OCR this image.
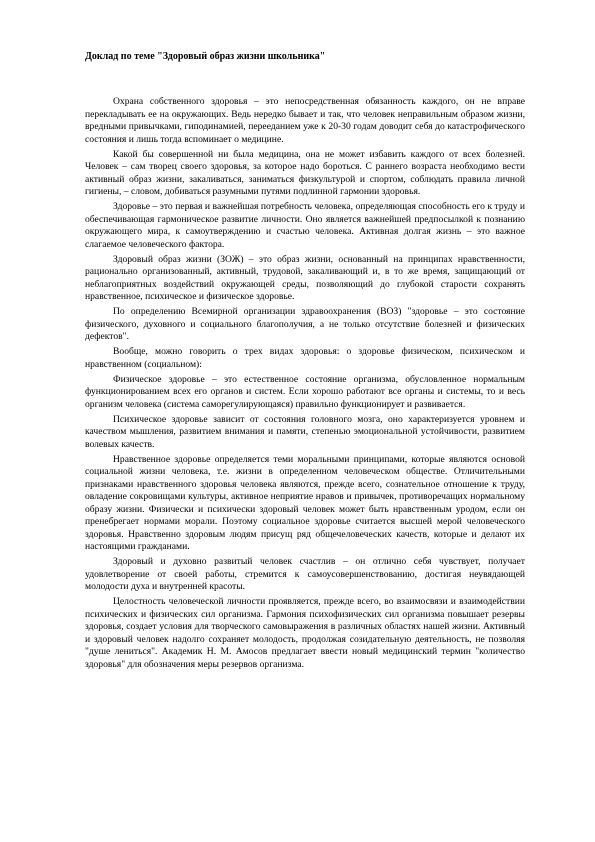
Доклад по теме "Здоровый образ жизни школьника"

Охрана собственного здоровья – это непосредственная обязанность каждого, он не вправе перекладывать ее на окружающих. Ведь нередко бывает и так, что человек неправильным образом жизни, вредными привычками, гиподинамией, перееданием уже к 20-30 годам доводит себя до катастрофического состояния и лишь тогда вспоминает о медицине.

Какой бы совершенной ни была медицина, она не может избавить каждого от всех болезней. Человек – сам творец своего здоровья, за которое надо бороться. С раннего возраста необходимо вести активный образ жизни, закаливаться, заниматься физкультурой и спортом, соблюдать правила личной гигиены, – словом, добиваться разумными путями подлинной гармонии здоровья.

Здоровье – это первая и важнейшая потребность человека, определяющая способность его к труду и обеспечивающая гармоническое развитие личности. Оно является важнейшей предпосылкой к познанию окружающего мира, к самоутверждению и счастью человека. Активная долгая жизнь – это важное слагаемое человеческого фактора.

Здоровый образ жизни (ЗОЖ) – это образ жизни, основанный на принципах нравственности, рационально организованный, активный, трудовой, закаливающий и, в то же время, защищающий от неблагоприятных воздействий окружающей среды, позволяющий до глубокой старости сохранять нравственное, психическое и физическое здоровье.

По определению Всемирной организации здравоохранения (ВОЗ) "здоровье – это состояние физического, духовного и социального благополучия, а не только отсутствие болезней и физических дефектов".

Вообще, можно говорить о трех видах здоровья: о здоровье физическом, психическом и нравственном (социальном):

Физическое здоровье – это естественное состояние организма, обусловленное нормальным функционированием всех его органов и систем. Если хорошо работают все органы и системы, то и весь организм человека (система саморегулирующаяся) правильно функционирует и развивается.

Психическое здоровье зависит от состояния головного мозга, оно характеризуется уровнем и качеством мышления, развитием внимания и памяти, степенью эмоциональной устойчивости, развитием волевых качеств.

Нравственное здоровье определяется теми моральными принципами, которые являются основой социальной жизни человека, т.е. жизни в определенном человеческом обществе. Отличительными признаками нравственного здоровья человека являются, прежде всего, сознательное отношение к труду, овладение сокровищами культуры, активное неприятие нравов и привычек, противоречащих нормальному образу жизни. Физически и психически здоровый человек может быть нравственным уродом, если он пренебрегает нормами морали. Поэтому социальное здоровье считается высшей мерой человеческого здоровья. Нравственно здоровым людям присущ ряд общечеловеческих качеств, которые и делают их настоящими гражданами.

Здоровый и духовно развитый человек счастлив – он отлично себя чувствует, получает удовлетворение от своей работы, стремится к самоусовершенствованию, достигая неувядающей молодости духа и внутренней красоты.

Целостность человеческой личности проявляется, прежде всего, во взаимосвязи и взаимодействии психических и физических сил организма. Гармония психофизических сил организма повышает резервы здоровья, создает условия для творческого самовыражения в различных областях нашей жизни. Активный и здоровый человек надолго сохраняет молодость, продолжая созидательную деятельность, не позволяя "душе лениться". Академик Н. М. Амосов предлагает ввести новый медицинский термин "количество здоровья" для обозначения меры резервов организма.
